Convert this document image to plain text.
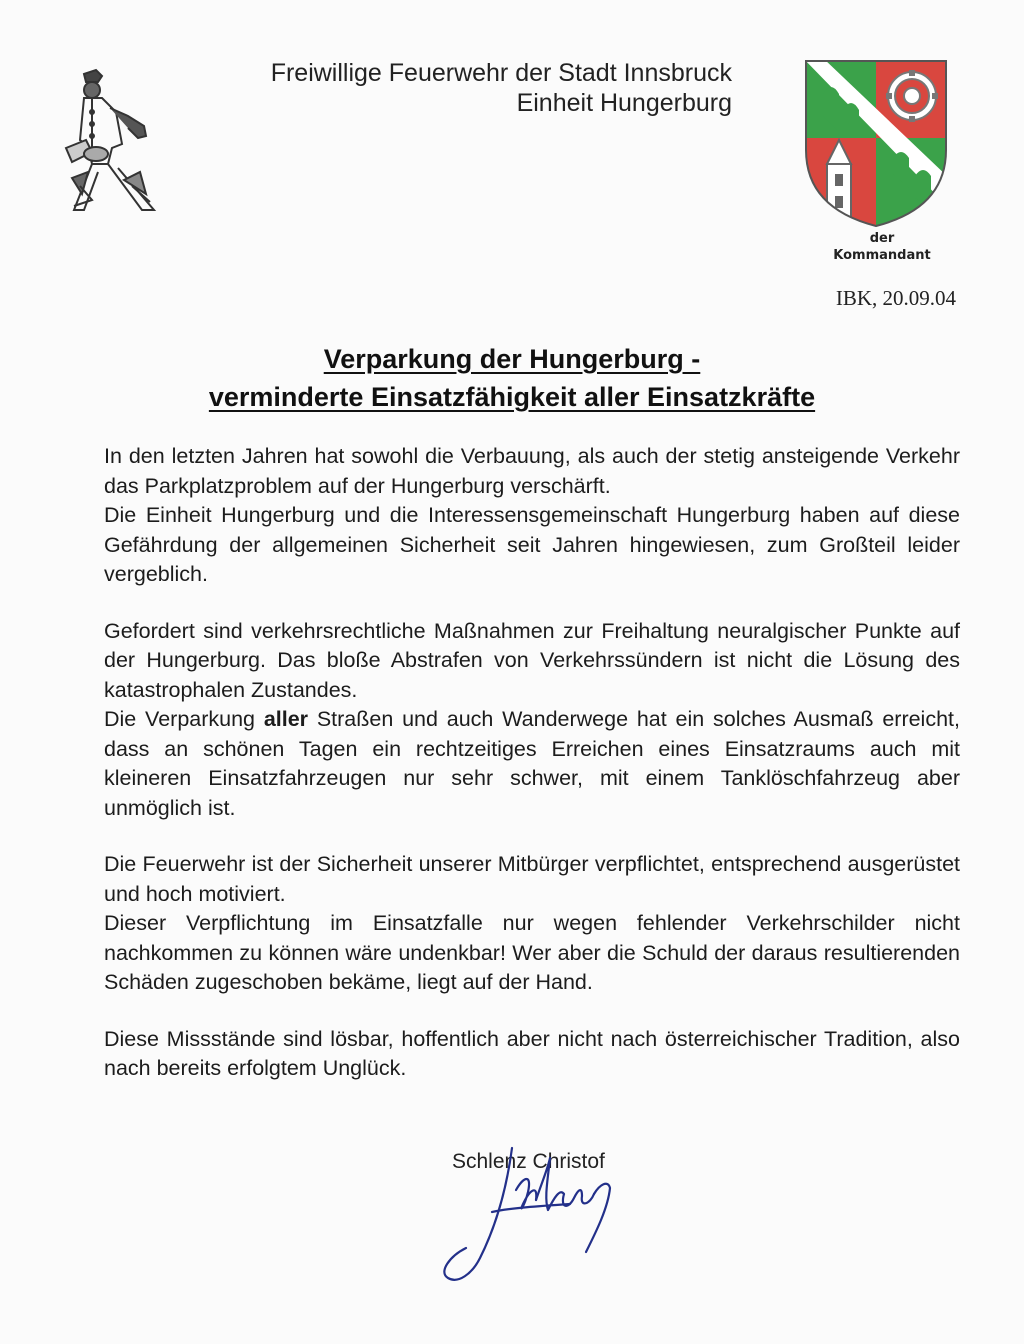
Freiwillige Feuerwehr der Stadt Innsbruck
Einheit Hungerburg
der
Kommandant
IBK, 20.09.04
Verparkung der Hungerburg -
verminderte Einsatzfähigkeit aller Einsatzkräfte

In den letzten Jahren hat sowohl die Verbauung, als auch der stetig ansteigende Verkehr das Parkplatzproblem auf der Hungerburg verschärft.

Die Einheit Hungerburg und die Interessensgemeinschaft Hungerburg haben auf diese Gefährdung der allgemeinen Sicherheit seit Jahren hingewiesen, zum Großteil leider vergeblich.

Gefordert sind verkehrsrechtliche Maßnahmen zur Freihaltung neuralgischer Punkte auf der Hungerburg. Das bloße Abstrafen von Verkehrssündern ist nicht die Lösung des katastrophalen Zustandes.

Die Verparkung aller Straßen und auch Wanderwege hat ein solches Ausmaß erreicht, dass an schönen Tagen ein rechtzeitiges Erreichen eines Einsatzraums auch mit kleineren Einsatzfahrzeugen nur sehr schwer, mit einem Tanklöschfahrzeug aber unmöglich ist.

Die Feuerwehr ist der Sicherheit unserer Mitbürger verpflichtet, entsprechend ausgerüstet und hoch motiviert.

Dieser Verpflichtung im Einsatzfalle nur wegen fehlender Verkehrschilder nicht nachkommen zu können wäre undenkbar! Wer aber die Schuld der daraus resultierenden Schäden zugeschoben bekäme, liegt auf der Hand.

Diese Missstände sind lösbar, hoffentlich aber nicht nach österreichischer Tradition, also nach bereits erfolgtem Unglück.

Schlenz Christof
